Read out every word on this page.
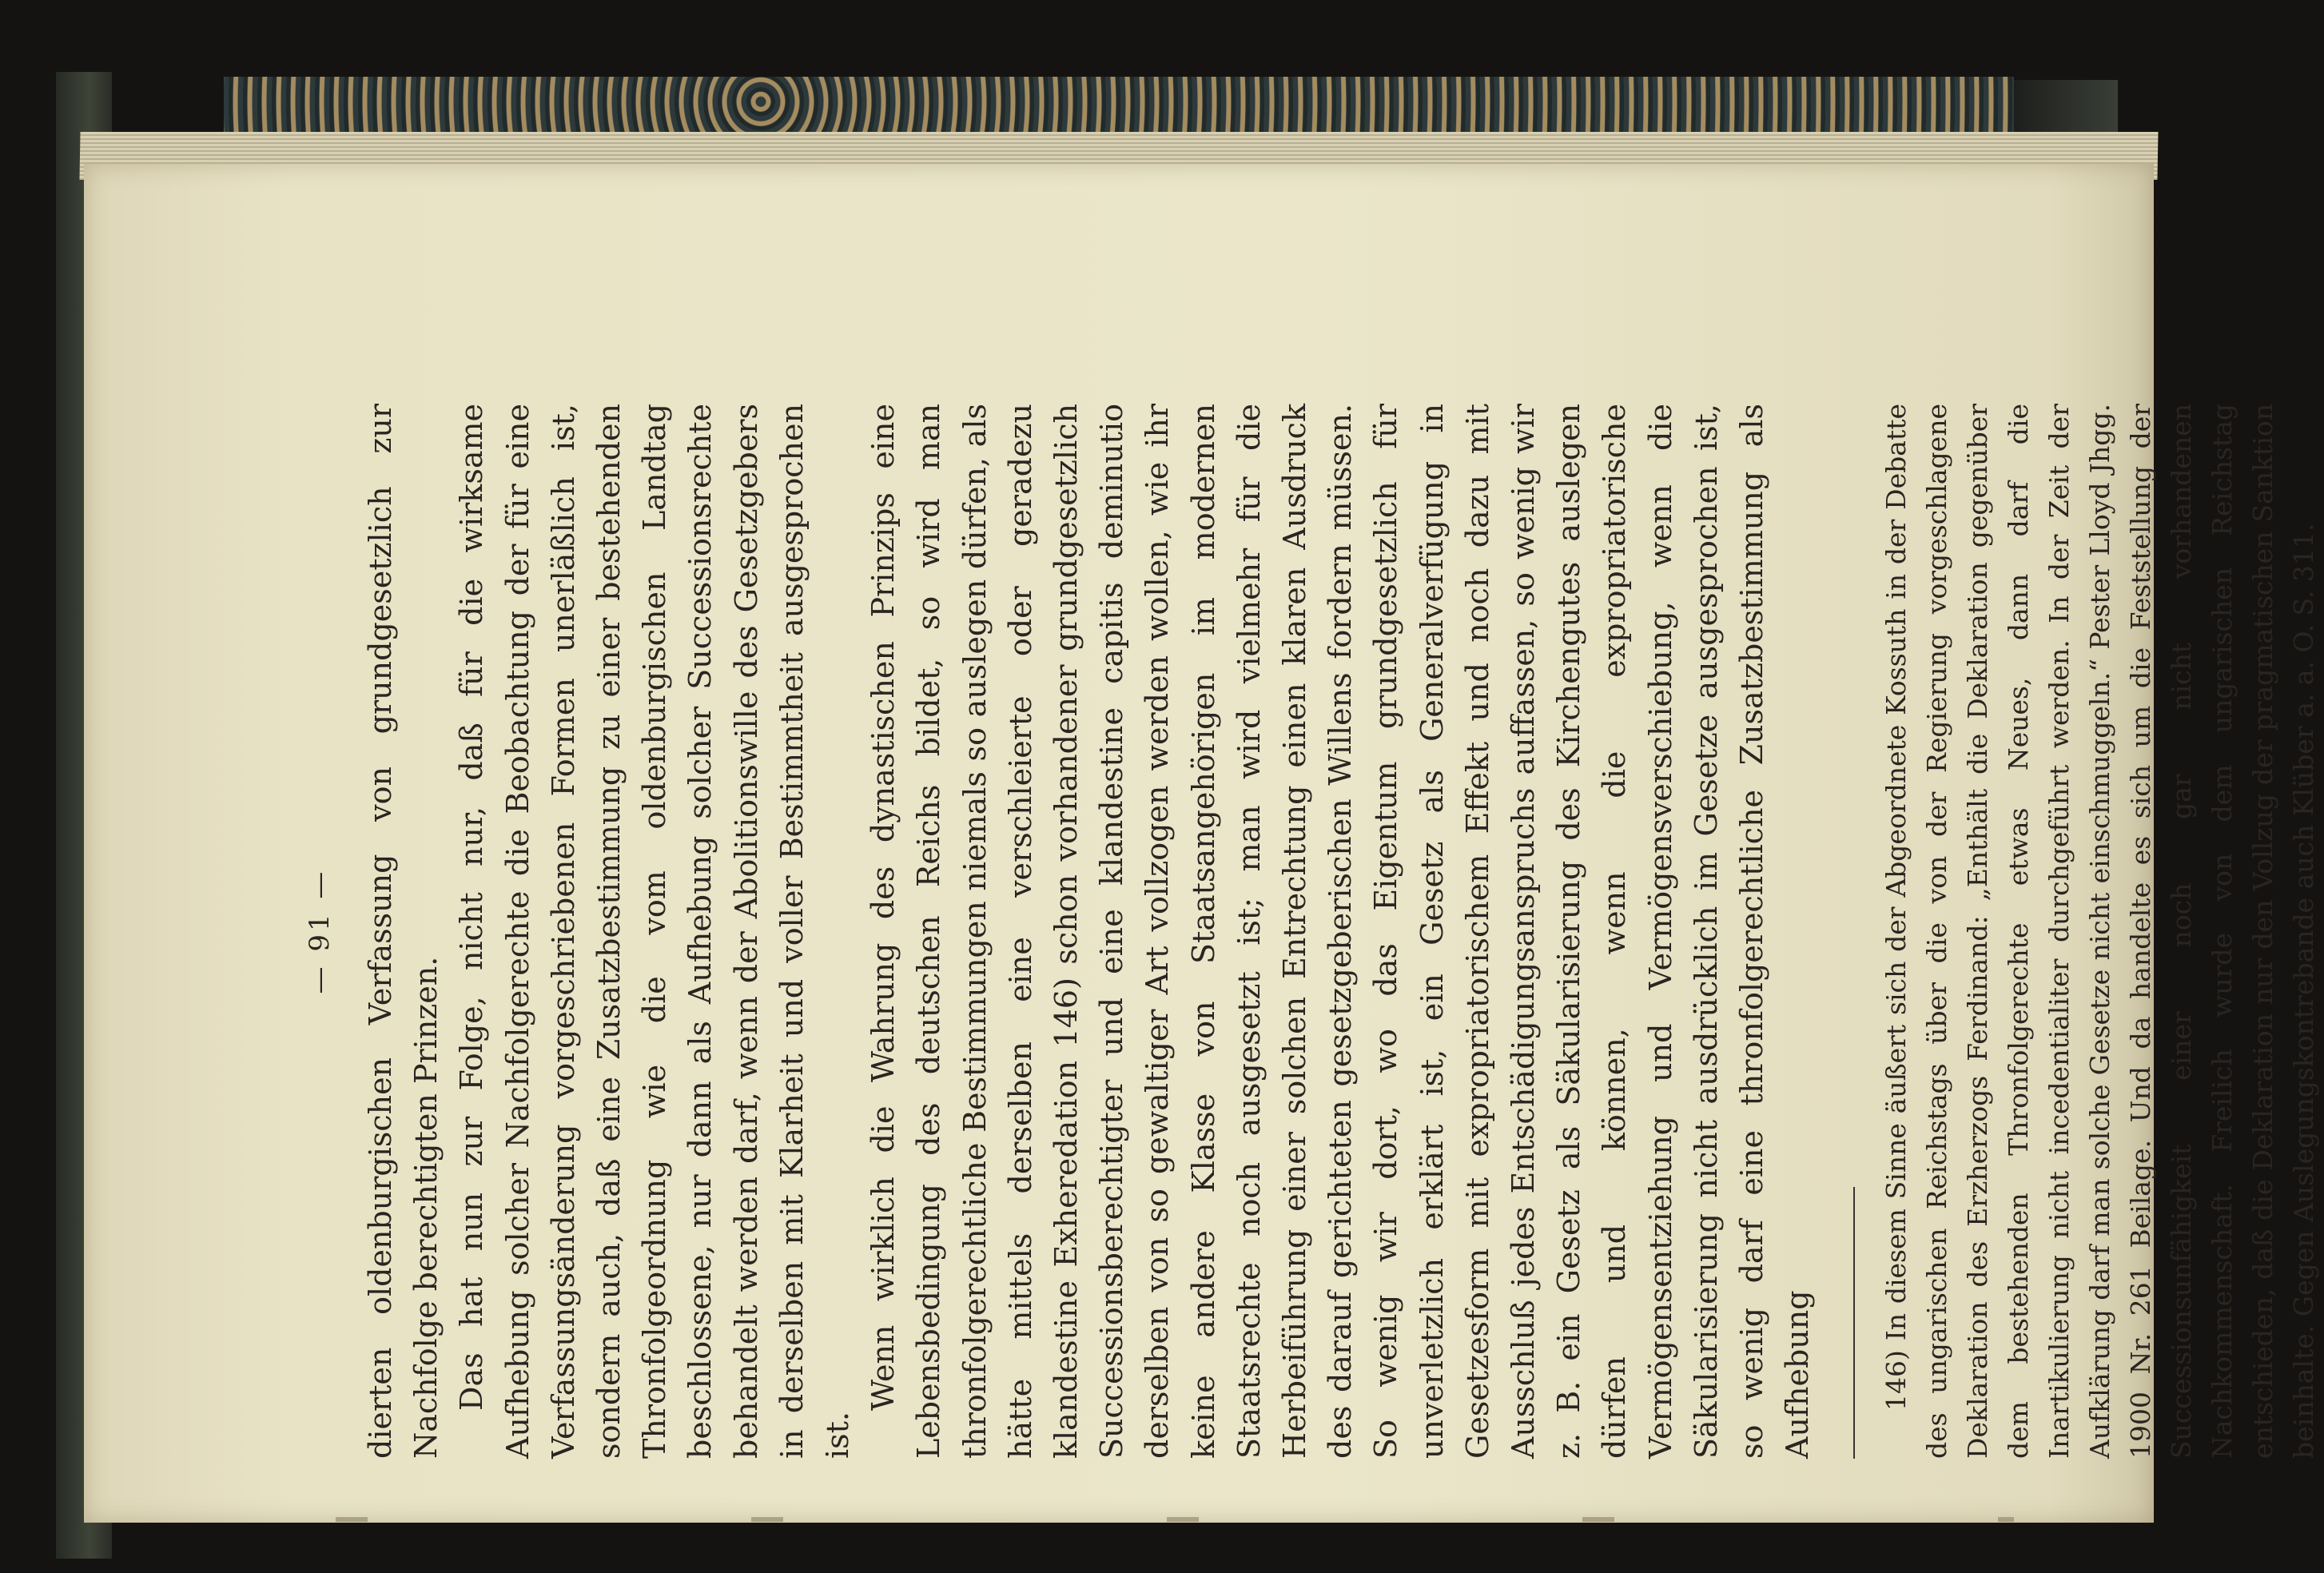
— 91 — dierten oldenburgischen Verfassung von grundgesetzlich zur Nachfolge berechtigten Prinzen. Das hat nun zur Folge, nicht nur, daß für die wirksame Aufhebung solcher Nachfolgerechte die Beobachtung der für eine Verfassungsänderung vorgeschriebenen Formen unerläßlich ist, sondern auch, daß eine Zusatzbestimmung zu einer bestehenden Thronfolgeordnung wie die vom oldenburgischen Landtag beschlossene, nur dann als Aufhebung solcher Successionsrechte behandelt werden darf, wenn der Abolitionswille des Gesetzgebers in derselben mit Klarheit und voller Bestimmtheit ausgesprochen ist.

Wenn wirklich die Wahrung des dynastischen Prinzips eine Lebensbedingung des deutschen Reichs bildet, so wird man thronfolgerechtliche Bestimmungen niemals so auslegen dürfen, als hätte mittels derselben eine verschleierte oder geradezu klandestine Exheredation 146) schon vorhandener grundgesetzlich Successionsberechtigter und eine klandestine capitis deminutio derselben von so gewaltiger Art vollzogen werden wollen, wie ihr keine andere Klasse von Staatsangehörigen im modernen Staatsrechte noch ausgesetzt ist; man wird vielmehr für die Herbeiführung einer solchen Entrechtung einen klaren Ausdruck des darauf gerichteten gesetzgeberischen Willens fordern müssen. So wenig wir dort, wo das Eigentum grundgesetzlich für unverletzlich erklärt ist, ein Gesetz als Generalverfügung in Gesetzesform mit expropriatorischem Effekt und noch dazu mit Ausschluß jedes Entschädigungsanspruchs auffassen, so wenig wir z. B. ein Gesetz als Säkularisierung des Kirchengutes auslegen dürfen und können, wenn die expropriatorische Vermögensentziehung und Vermögensverschiebung, wenn die Säkularisierung nicht ausdrücklich im Gesetze ausgesprochen ist, so wenig darf eine thronfolgerechtliche Zusatzbestimmung als Aufhebung 146) In diesem Sinne äußert sich der Abgeordnete Kossuth in der Debatte des ungarischen Reichstags über die von der Regierung vorgeschlagene Deklaration des Erzherzogs Ferdinand: „Enthält die Deklaration gegenüber dem bestehenden Thronfolgerechte etwas Neues, dann darf die Inartikulierung nicht incedentialiter durchgeführt werden. In der Zeit der Aufklärung darf man solche Gesetze nicht einschmuggeln.“ Pester Lloyd Jhgg. 1900 Nr. 261 Beilage. Und da handelte es sich um die Feststellung der Successionsunfähigkeit einer noch gar nicht vorhandenen Nachkommenschaft. Freilich wurde von dem ungarischen Reichstag entschieden, daß die Deklaration nur den Vollzug der pragmatischen Sanktion beinhalte. Gegen Auslegungskontrebande auch Klüber a. a. O. S. 311.
